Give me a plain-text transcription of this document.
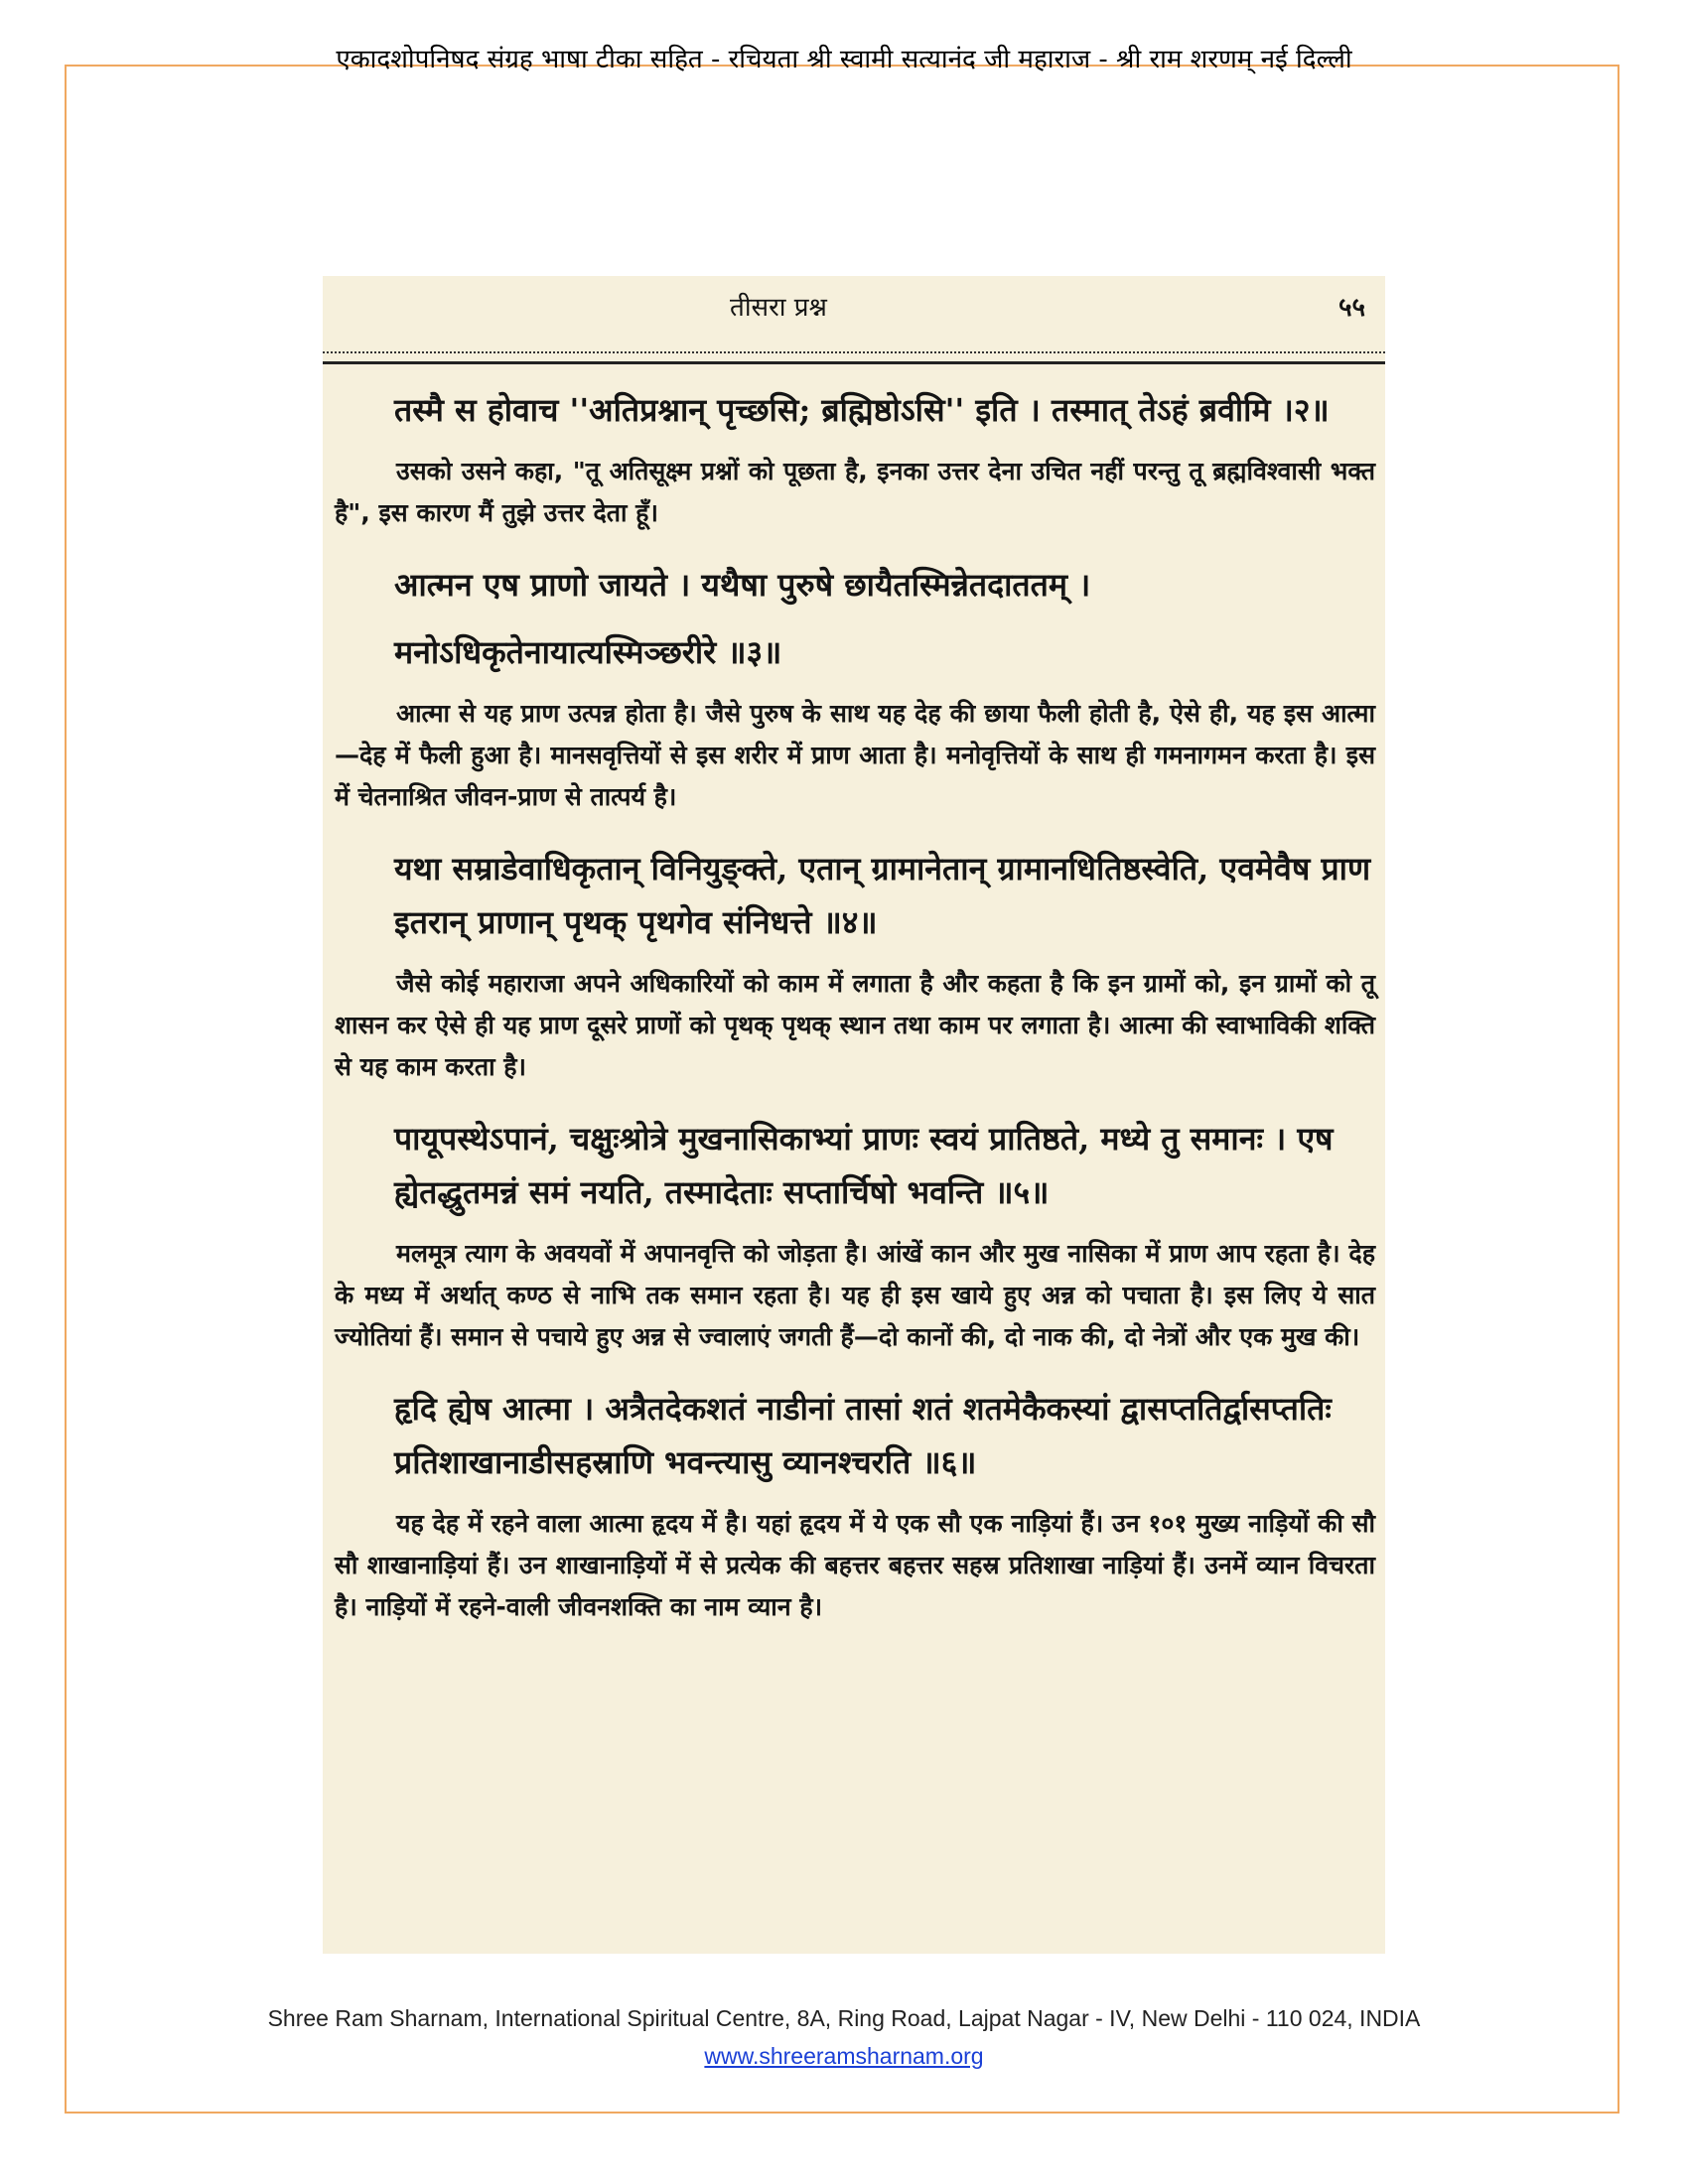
एकादशोपनिषद संग्रह भाषा टीका सहित - रचियता श्री स्वामी सत्यानंद जी महाराज - श्री राम शरणम् नई दिल्ली
तीसरा प्रश्न	५५
तस्मै स होवाच ''अतिप्रश्नान् पृच्छसि; ब्रह्मिष्ठोऽसि'' इति । तस्मात् तेऽहं ब्रवीमि ।२॥
उसको उसने कहा, "तू अतिसूक्ष्म प्रश्नों को पूछता है, इनका उत्तर देना उचित नहीं परन्तु तू ब्रह्मविश्वासी भक्त है", इस कारण मैं तुझे उत्तर देता हूँ।
आत्मन एष प्राणो जायते । यथैषा पुरुषे छायैतस्मिन्नेतदाततम् ।
मनोऽधिकृतेनायात्यस्मिञ्छरीरे ॥३॥
आत्मा से यह प्राण उत्पन्न होता है। जैसे पुरुष के साथ यह देह की छाया फैली होती है, ऐसे ही, यह इस आत्मा—देह में फैली हुआ है। मानसवृत्तियों से इस शरीर में प्राण आता है। मनोवृत्तियों के साथ ही गमनागमन करता है। इस में चेतनाश्रित जीवन-प्राण से तात्पर्य है।
यथा सम्राडेवाधिकृतान् विनियुङ्क्ते, एतान् ग्रामानेतान् ग्रामानधितिष्ठस्वेति, एवमेवैष प्राण इतरान् प्राणान् पृथक् पृथगेव संनिधत्ते ॥४॥
जैसे कोई महाराजा अपने अधिकारियों को काम में लगाता है और कहता है कि इन ग्रामों को, इन ग्रामों को तू शासन कर ऐसे ही यह प्राण दूसरे प्राणों को पृथक् पृथक् स्थान तथा काम पर लगाता है। आत्मा की स्वाभाविकी शक्ति से यह काम करता है।
पायूपस्थेऽपानं, चक्षुःश्रोत्रे मुखनासिकाभ्यां प्राणः स्वयं प्रातिष्ठते, मध्ये तु समानः । एष ह्येतद्धुतमन्नं समं नयति, तस्मादेताः सप्तार्चिषो भवन्ति ॥५॥
मलमूत्र त्याग के अवयवों में अपानवृत्ति को जोड़ता है। आंखें कान और मुख नासिका में प्राण आप रहता है। देह के मध्य में अर्थात् कण्ठ से नाभि तक समान रहता है। यह ही इस खाये हुए अन्न को पचाता है। इस लिए ये सात ज्योतियां हैं। समान से पचाये हुए अन्न से ज्वालाएं जगती हैं—दो कानों की, दो नाक की, दो नेत्रों और एक मुख की।
हृदि ह्येष आत्मा । अत्रैतदेकशतं नाडीनां तासां शतं शतमेकैकस्यां द्वासप्ततिर्द्वासप्ततिः प्रतिशाखानाडीसहस्राणि भवन्त्यासु व्यानश्चरति ॥६॥
यह देह में रहने वाला आत्मा हृदय में है। यहां हृदय में ये एक सौ एक नाड़ियां हैं। उन १०१ मुख्य नाड़ियों की सौ सौ शाखानाड़ियां हैं। उन शाखानाड़ियों में से प्रत्येक की बहत्तर बहत्तर सहस्र प्रतिशाखा नाड़ियां हैं। उनमें व्यान विचरता है। नाड़ियों में रहने-वाली जीवनशक्ति का नाम व्यान है।
Shree Ram Sharnam, International Spiritual Centre, 8A, Ring Road, Lajpat Nagar - IV, New Delhi - 110 024, INDIA
www.shreeramsharnam.org
